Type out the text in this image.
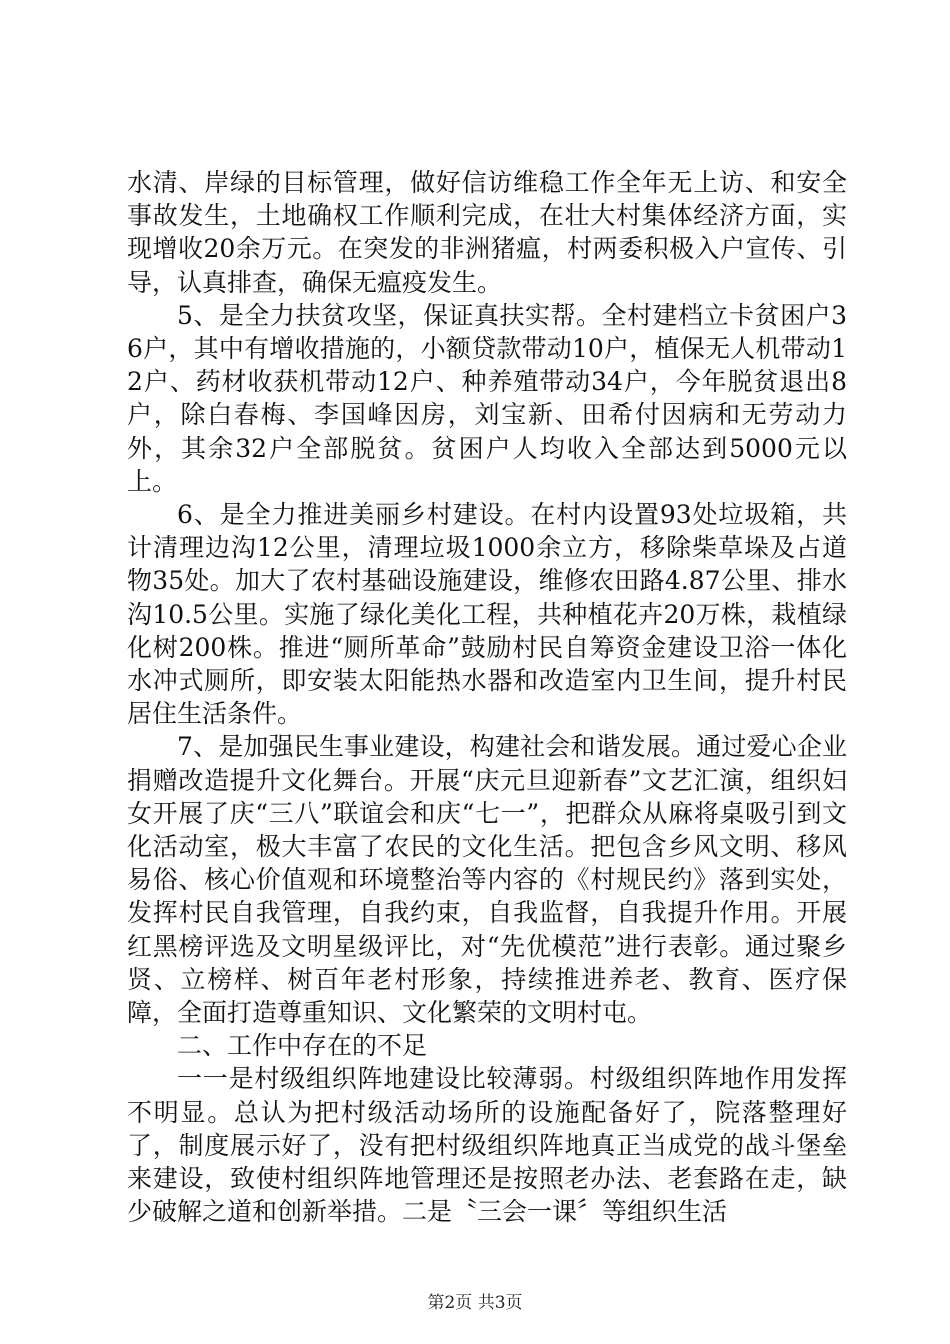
水清、岸绿的目标管理，做好信访维稳工作全年无上访、和安全事故发生，土地确权工作顺利完成，在壮大村集体经济方面，实现增收20余万元。在突发的非洲猪瘟，村两委积极入户宣传、引导，认真排查，确保无瘟疫发生。

5、是全力扶贫攻坚，保证真扶实帮。全村建档立卡贫困户36户，其中有增收措施的，小额贷款带动10户，植保无人机带动12户、药材收获机带动12户、种养殖带动34户，今年脱贫退出8户，除白春梅、李国峰因房，刘宝新、田希付因病和无劳动力外，其余32户全部脱贫。贫困户人均收入全部达到5000元以上。

6、是全力推进美丽乡村建设。在村内设置93处垃圾箱，共计清理边沟12公里，清理垃圾1000余立方，移除柴草垛及占道物35处。加大了农村基础设施建设，维修农田路4.87公里、排水沟10.5公里。实施了绿化美化工程，共种植花卉20万株，栽植绿化树200株。推进“厕所革命”鼓励村民自筹资金建设卫浴一体化水冲式厕所，即安装太阳能热水器和改造室内卫生间，提升村民居住生活条件。

7、是加强民生事业建设，构建社会和谐发展。通过爱心企业捐赠改造提升文化舞台。开展“庆元旦迎新春”文艺汇演，组织妇女开展了庆“三八”联谊会和庆“七一”，把群众从麻将桌吸引到文化活动室，极大丰富了农民的文化生活。把包含乡风文明、移风易俗、核心价值观和环境整治等内容的《村规民约》落到实处，发挥村民自我管理，自我约束，自我监督，自我提升作用。开展红黑榜评选及文明星级评比，对“先优模范”进行表彰。通过聚乡贤、立榜样、树百年老村形象，持续推进养老、教育、医疗保障，全面打造尊重知识、文化繁荣的文明村屯。

二、工作中存在的不足

一一是村级组织阵地建设比较薄弱。村级组织阵地作用发挥不明显。总认为把村级活动场所的设施配备好了，院落整理好了，制度展示好了，没有把村级组织阵地真正当成党的战斗堡垒来建设，致使村组织阵地管理还是按照老办法、老套路在走，缺少破解之道和创新举措。二是〝三会一课〞等组织生活

第2页 共3页
